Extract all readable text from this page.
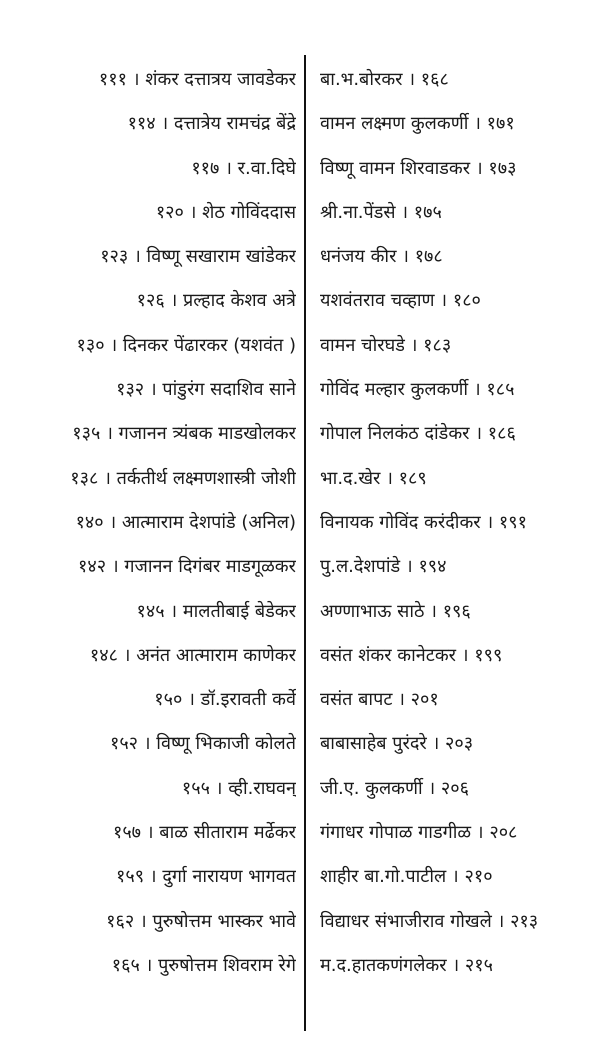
१११ । शंकर दत्तात्रय जावडेकर
११४ । दत्तात्रेय रामचंद्र बेंद्रे
११७ । र.वा.दिघे
१२० । शेठ गोविंददास
१२३ । विष्णू सखाराम खांडेकर
१२६ । प्रल्हाद केशव अत्रे
१३० । दिनकर पेंढारकर (यशवंत )
१३२ । पांडुरंग सदाशिव साने
१३५ । गजानन त्र्यंबक माडखोलकर
१३८ । तर्कतीर्थ लक्ष्मणशास्त्री जोशी
१४० । आत्माराम देशपांडे (अनिल)
१४२ । गजानन दिगंबर माडगूळकर
१४५ । मालतीबाई बेडेकर
१४८ । अनंत आत्माराम काणेकर
१५० । डॉ.इरावती कर्वे
१५२ । विष्णू भिकाजी कोलते
१५५ । व्ही.राघवन्
१५७ । बाळ सीताराम मर्ढेकर
१५९ । दुर्गा नारायण भागवत
१६२ । पुरुषोत्तम भास्कर भावे
१६५ । पुरुषोत्तम शिवराम रेगे
बा.भ.बोरकर । १६८
वामन लक्ष्मण कुलकर्णी । १७१
विष्णू वामन शिरवाडकर । १७३
श्री.ना.पेंडसे । १७५
धनंजय कीर । १७८
यशवंतराव चव्हाण । १८०
वामन चोरघडे । १८३
गोविंद मल्हार कुलकर्णी । १८५
गोपाल निलकंठ दांडेकर । १८६
भा.द.खेर । १८९
विनायक गोविंद करंदीकर । १९१
पु.ल.देशपांडे । १९४
अण्णाभाऊ साठे । १९६
वसंत शंकर कानेटकर । १९९
वसंत बापट । २०१
बाबासाहेब पुरंदरे । २०३
जी.ए. कुलकर्णी । २०६
गंगाधर गोपाळ गाडगीळ । २०८
शाहीर बा.गो.पाटील । २१०
विद्याधर संभाजीराव गोखले । २१३
म.द.हातकणंगलेकर । २१५
